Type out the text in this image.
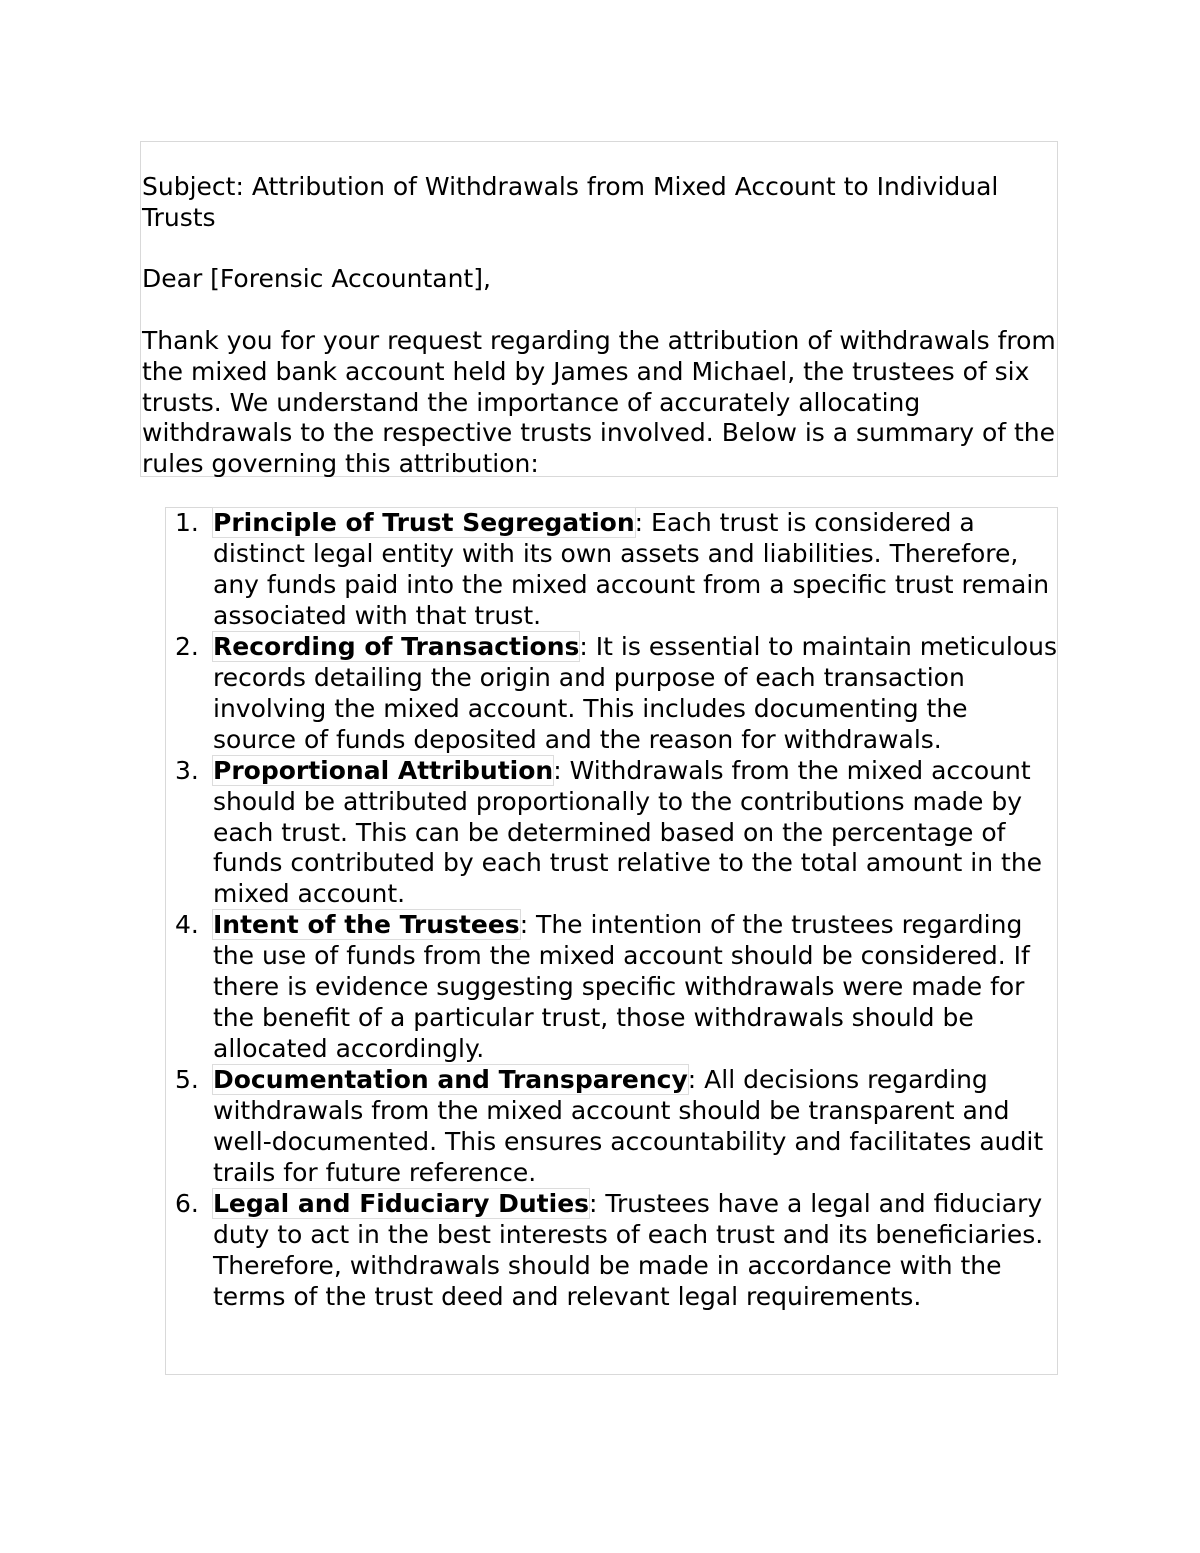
Subject: Attribution of Withdrawals from Mixed Account to Individual Trusts

Dear [Forensic Accountant],

Thank you for your request regarding the attribution of withdrawals from the mixed bank account held by James and Michael, the trustees of six trusts. We understand the importance of accurately allocating withdrawals to the respective trusts involved. Below is a summary of the rules governing this attribution:

1. Principle of Trust Segregation: Each trust is considered a distinct legal entity with its own assets and liabilities. Therefore, any funds paid into the mixed account from a specific trust remain associated with that trust.
2. Recording of Transactions: It is essential to maintain meticulous records detailing the origin and purpose of each transaction involving the mixed account. This includes documenting the source of funds deposited and the reason for withdrawals.
3. Proportional Attribution: Withdrawals from the mixed account should be attributed proportionally to the contributions made by each trust. This can be determined based on the percentage of funds contributed by each trust relative to the total amount in the mixed account.
4. Intent of the Trustees: The intention of the trustees regarding the use of funds from the mixed account should be considered. If there is evidence suggesting specific withdrawals were made for the benefit of a particular trust, those withdrawals should be allocated accordingly.
5. Documentation and Transparency: All decisions regarding withdrawals from the mixed account should be transparent and well-documented. This ensures accountability and facilitates audit trails for future reference.
6. Legal and Fiduciary Duties: Trustees have a legal and fiduciary duty to act in the best interests of each trust and its beneficiaries. Therefore, withdrawals should be made in accordance with the terms of the trust deed and relevant legal requirements.
